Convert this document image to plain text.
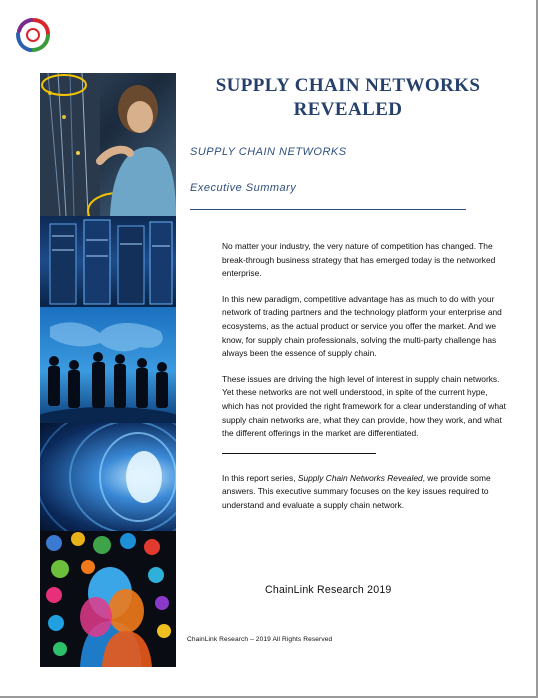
SUPPLY CHAIN NETWORKS
REVEALED
SUPPLY CHAIN NETWORKS
Executive Summary

No matter your industry, the very nature of competition has changed. The break-through business strategy that has emerged today is the networked enterprise.

In this new paradigm, competitive advantage has as much to do with your network of trading partners and the technology platform your enterprise and ecosystems, as the actual product or service you offer the market. And we know, for supply chain professionals, solving the multi-party challenge has always been the essence of supply chain.

These issues are driving the high level of interest in supply chain networks. Yet these networks are not well understood, in spite of the current hype, which has not provided the right framework for a clear understanding of what supply chain networks are, what they can provide, how they work, and what the different offerings in the market are differentiated.

In this report series, Supply Chain Networks Revealed, we provide some answers. This executive summary focuses on the key issues required to understand and evaluate a supply chain network.

ChainLink Research 2019
ChainLink Research – 2019 All Rights Reserved
